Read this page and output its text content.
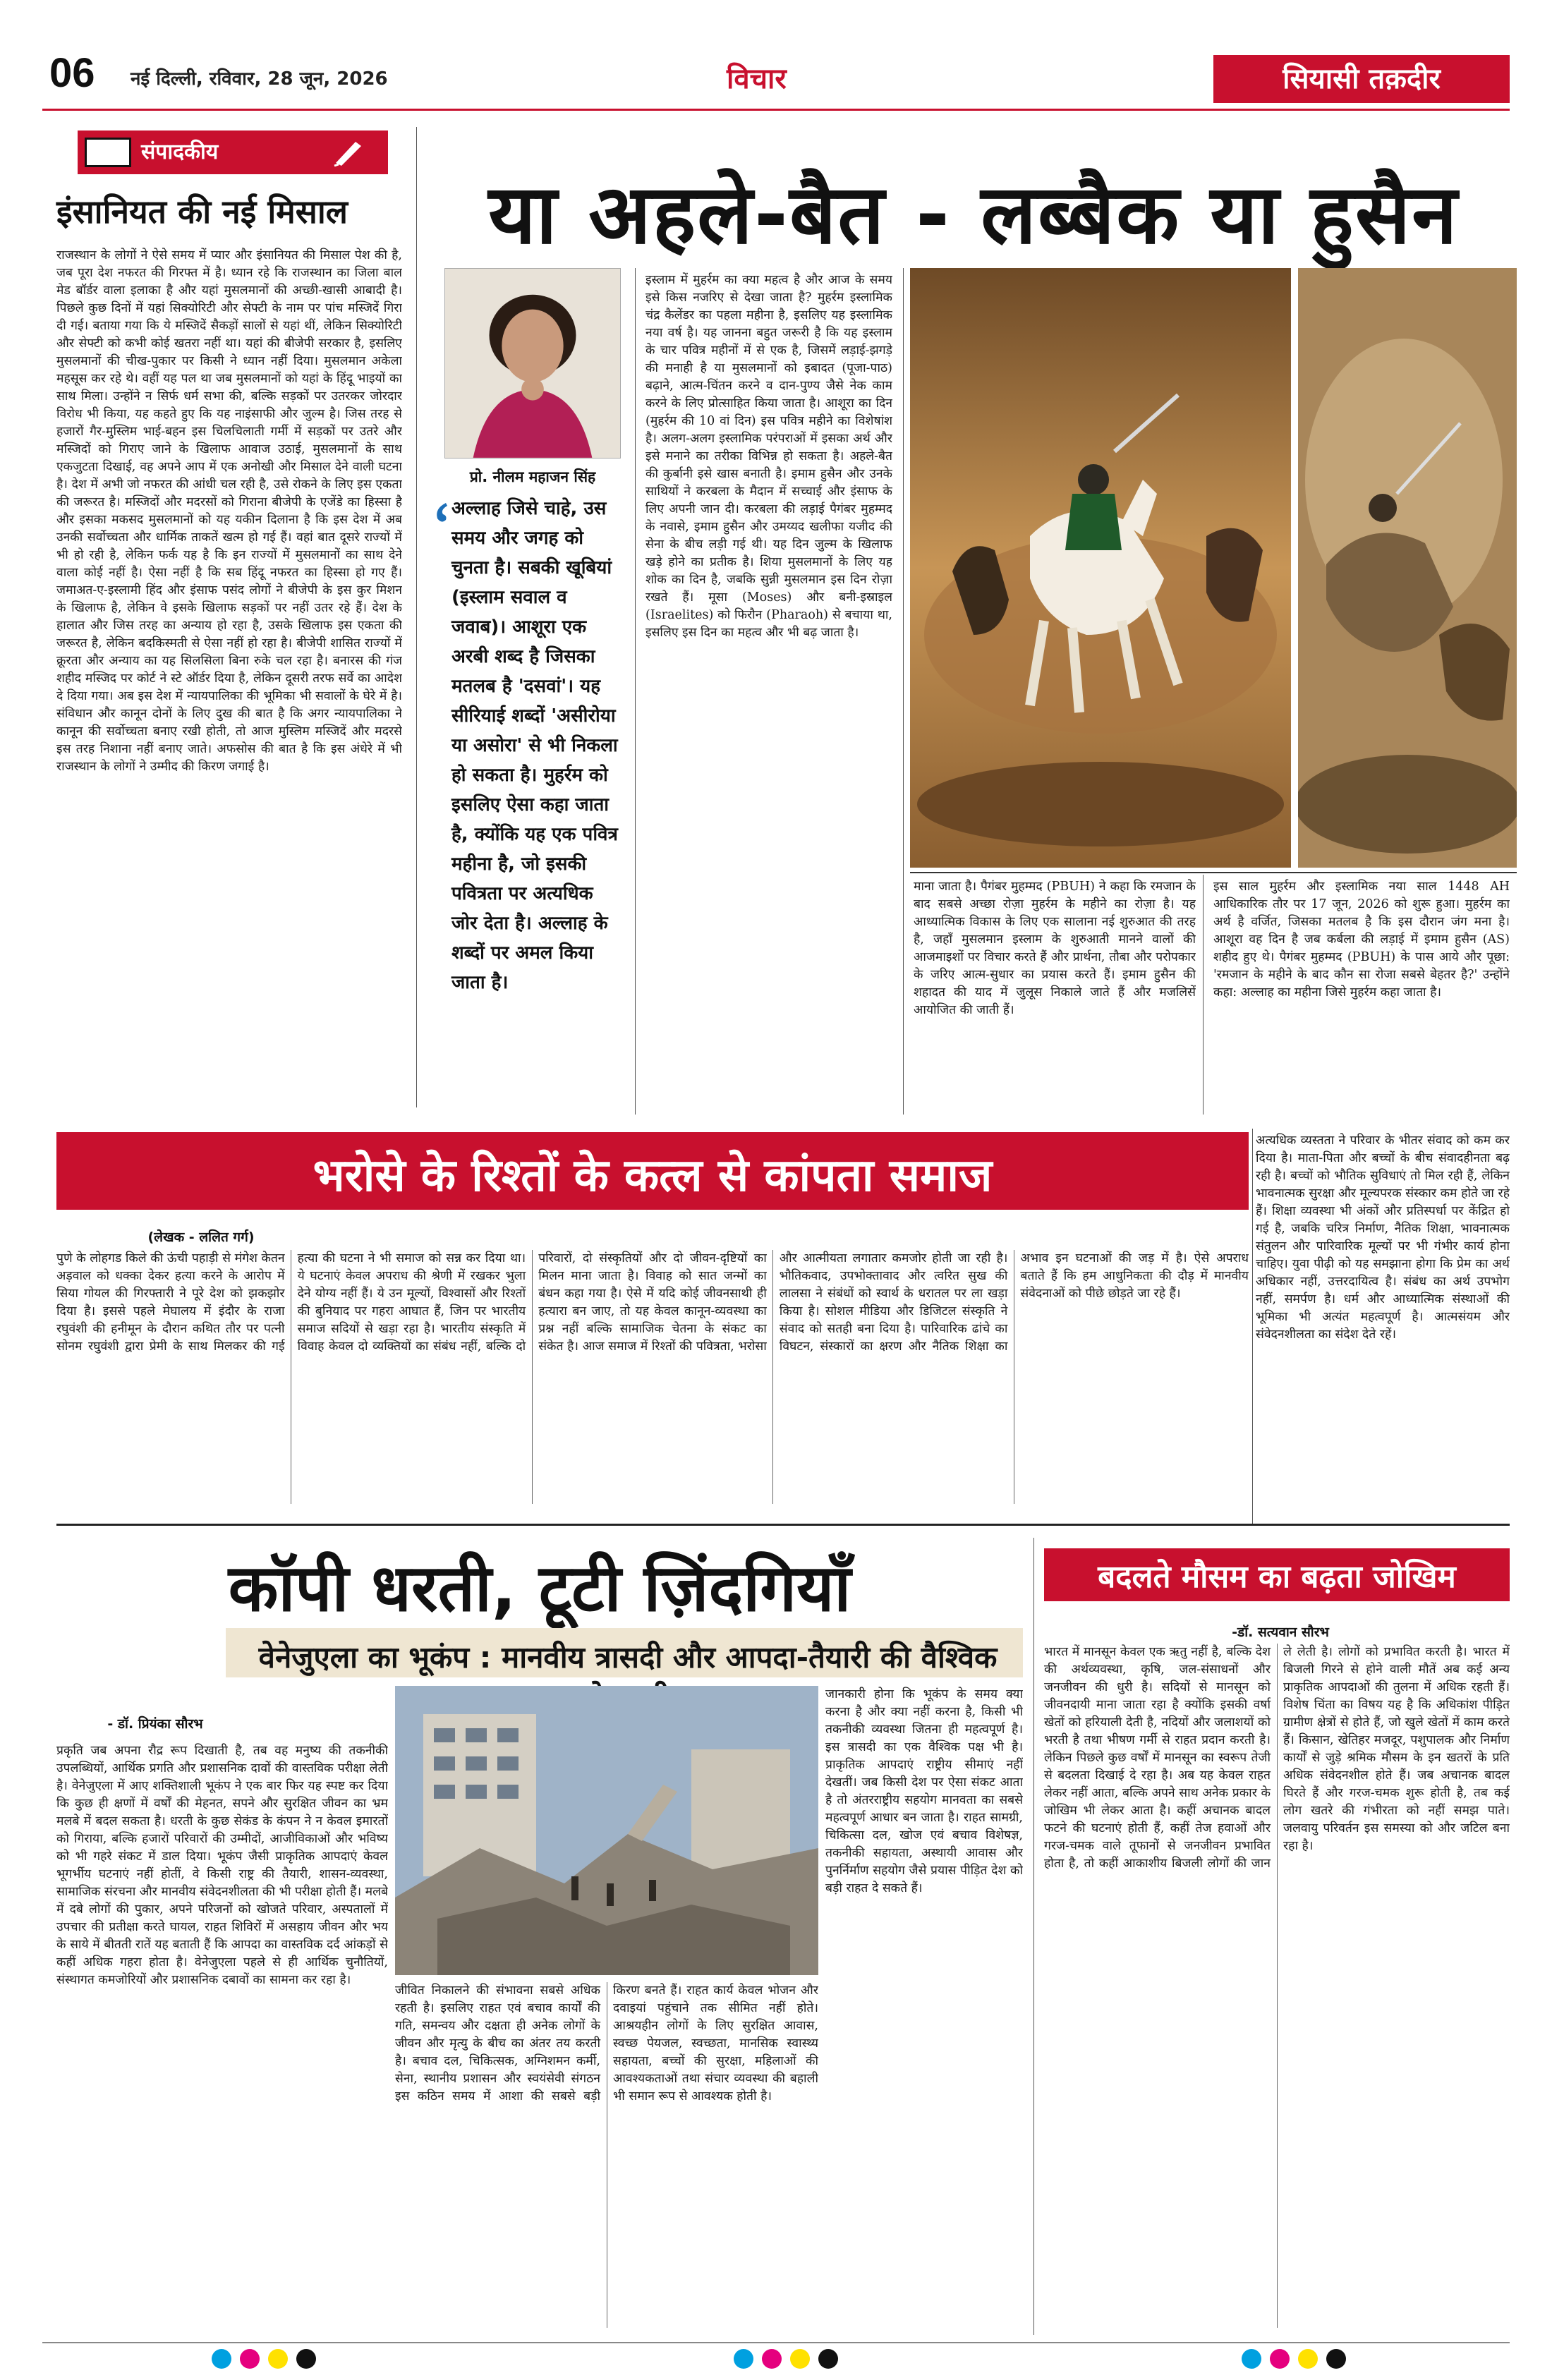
06 नई दिल्ली, रविवार, 28 जून, 2026	विचार	सियासी तक़दीर
संपादकीय
इंसानियत की नई मिसाल
राजस्थान के लोगों ने ऐसे समय में प्यार और इंसानियत की मिसाल पेश की है, जब पूरा देश नफरत की गिरफ्त में है। ध्यान रहे कि राजस्थान का जिला बाल मेड बॉर्डर वाला इलाका है और यहां मुसलमानों की अच्छी-खासी आबादी है। पिछले कुछ दिनों में यहां सिक्योरिटी और सेफ्टी के नाम पर पांच मस्जिदें गिरा दी गई। बताया गया कि ये मस्जिदें सैकड़ों सालों से यहां थीं, लेकिन सिक्योरिटी और सेफ्टी को कभी कोई खतरा नहीं था। यहां की बीजेपी सरकार है, इसलिए मुसलमानों की चीख-पुकार पर किसी ने ध्यान नहीं दिया। मुसलमान अकेला महसूस कर रहे थे। वहीं यह पल था जब मुसलमानों को यहां के हिंदू भाइयों का साथ मिला। उन्होंने न सिर्फ धर्म सभा की, बल्कि सड़कों पर उतरकर जोरदार विरोध भी किया, यह कहते हुए कि यह नाइंसाफी और जुल्म है। जिस तरह से हजारों गैर-मुस्लिम भाई-बहन इस चिलचिलाती गर्मी में सड़कों पर उतरे और मस्जिदों को गिराए जाने के खिलाफ आवाज उठाई, मुसलमानों के साथ एकजुटता दिखाई, वह अपने आप में एक अनोखी और मिसाल देने वाली घटना है। देश में अभी जो नफरत की आंधी चल रही है, उसे रोकने के लिए इस एकता की जरूरत है। मस्जिदों और मदरसों को गिराना बीजेपी के एजेंडे का हिस्सा है और इसका मकसद मुसलमानों को यह यकीन दिलाना है कि इस देश में अब उनकी सर्वोच्चता और धार्मिक ताकतें खत्म हो गई हैं। वहां बात दूसरे राज्यों में भी हो रही है, लेकिन फर्क यह है कि इन राज्यों में मुसलमानों का साथ देने वाला कोई नहीं है। ऐसा नहीं है कि सब हिंदू नफरत का हिस्सा हो गए हैं। जमाअत-ए-इस्लामी हिंद और इंसाफ पसंद लोगों ने बीजेपी के इस कुर मिशन के खिलाफ है, लेकिन वे इसके खिलाफ सड़कों पर नहीं उतर रहे हैं। देश के हालात और जिस तरह का अन्याय हो रहा है, उसके खिलाफ इस एकता की जरूरत है, लेकिन बदकिस्मती से ऐसा नहीं हो रहा है। बीजेपी शासित राज्यों में क्रूरता और अन्याय का यह सिलसिला बिना रुके चल रहा है। बनारस की गंज शहीद मस्जिद पर कोर्ट ने स्टे ऑर्डर दिया है, लेकिन दूसरी तरफ सर्वे का आदेश दे दिया गया। अब इस देश में न्यायपालिका की भूमिका भी सवालों के घेरे में है। संविधान और कानून दोनों के लिए दुख की बात है कि अगर न्यायपालिका ने कानून की सर्वोच्चता बनाए रखी होती, तो आज मुस्लिम मस्जिदें और मदरसे इस तरह निशाना नहीं बनाए जाते। अफसोस की बात है कि इस अंधेरे में भी राजस्थान के लोगों ने उम्मीद की किरण जगाई है।
या अहले-बैत - लब्बैक या हुसैन
प्रो. नीलम महाजन सिंह
अल्लाह जिसे चाहे, उस समय और जगह को चुनता है। सबकी खूबियां (इस्लाम सवाल व जवाब)। आशूरा एक अरबी शब्द है जिसका मतलब है 'दसवां'। यह सीरियाई शब्दों 'असीरोया या असोरा' से भी निकला हो सकता है। मुहर्रम को इसलिए ऐसा कहा जाता है, क्योंकि यह एक पवित्र महीना है, जो इसकी पवित्रता पर अत्यधिक जोर देता है। अल्लाह के शब्दों पर अमल किया जाता है।
इस्लाम में मुहर्रम का क्या महत्व है और आज के समय इसे किस नजरिए से देखा जाता है? मुहर्रम इस्लामिक चंद्र कैलेंडर का पहला महीना है, इसलिए यह इस्लामिक नया वर्ष है। यह जानना बहुत जरूरी है कि यह इस्लाम के चार पवित्र महीनों में से एक है, जिसमें लड़ाई-झगड़े की मनाही है या मुसलमानों को इबादत (पूजा-पाठ) बढ़ाने, आत्म-चिंतन करने व दान-पुण्य जैसे नेक काम करने के लिए प्रोत्साहित किया जाता है। आशूरा का दिन (मुहर्रम की 10 वां दिन) इस पवित्र महीने का विशेषांश है। अलग-अलग इस्लामिक परंपराओं में इसका अर्थ और इसे मनाने का तरीका विभिन्न हो सकता है। अहले-बैत की कुर्बानी इसे खास बनाती है। इमाम हुसैन और उनके साथियों ने करबला के मैदान में सच्चाई और इंसाफ के लिए अपनी जान दी। करबला की लड़ाई पैगंबर मुहम्मद के नवासे, इमाम हुसैन और उमय्यद खलीफा यजीद की सेना के बीच लड़ी गई थी। यह दिन जुल्म के खिलाफ खड़े होने का प्रतीक है। शिया मुसलमानों के लिए यह शोक का दिन है, जबकि सुन्नी मुसलमान इस दिन रोज़ा रखते हैं। मूसा (Moses) और बनी-इस्राइल (Israelites) को फिरौन (Pharaoh) से बचाया था, इसलिए इस दिन का महत्व और भी बढ़ जाता है।
माना जाता है। पैगंबर मुहम्मद (PBUH) ने कहा कि रमजान के बाद सबसे अच्छा रोज़ा मुहर्रम के महीने का रोज़ा है। यह आध्यात्मिक विकास के लिए एक सालाना नई शुरुआत की तरह है, जहाँ मुसलमान इस्लाम के शुरुआती मानने वालों की आजमाइशों पर विचार करते हैं और प्रार्थना, तौबा और परोपकार के जरिए आत्म-सुधार का प्रयास करते हैं। इमाम हुसैन की शहादत की याद में जुलूस निकाले जाते हैं और मजलिसें आयोजित की जाती हैं।
इस साल मुहर्रम और इस्लामिक नया साल 1448 AH आधिकारिक तौर पर 17 जून, 2026 को शुरू हुआ। मुहर्रम का अर्थ है वर्जित, जिसका मतलब है कि इस दौरान जंग मना है। आशूरा वह दिन है जब कर्बला की लड़ाई में इमाम हुसैन (AS) शहीद हुए थे। पैगंबर मुहम्मद (PBUH) के पास आये और पूछा: 'रमजान के महीने के बाद कौन सा रोजा सबसे बेहतर है?' उन्होंने कहा: अल्लाह का महीना जिसे मुहर्रम कहा जाता है।
भरोसे के रिश्तों के कत्ल से कांपता समाज
(लेखक - ललित गर्ग)
पुणे के लोहगड किले की ऊंची पहाड़ी से मंगेश केतन अड़वाल को धक्का देकर हत्या करने के आरोप में सिया गोयल की गिरफ्तारी ने पूरे देश को झकझोर दिया है। इससे पहले मेघालय में इंदौर के राजा रघुवंशी की हनीमून के दौरान कथित तौर पर पत्नी सोनम रघुवंशी द्वारा प्रेमी के साथ मिलकर की गई हत्या की घटना ने भी समाज को सन्न कर दिया था। ये घटनाएं केवल अपराध की श्रेणी में रखकर भुला देने योग्य नहीं हैं। ये उन मूल्यों, विश्वासों और रिश्तों की बुनियाद पर गहरा आघात हैं, जिन पर भारतीय समाज सदियों से खड़ा रहा है। भारतीय संस्कृति में विवाह केवल दो व्यक्तियों का संबंध नहीं, बल्कि दो परिवारों, दो संस्कृतियों और दो जीवन-दृष्टियों का मिलन माना जाता है। विवाह को सात जन्मों का बंधन कहा गया है। ऐसे में यदि कोई जीवनसाथी ही हत्यारा बन जाए, तो यह केवल कानून-व्यवस्था का प्रश्न नहीं बल्कि सामाजिक चेतना के संकट का संकेत है। आज समाज में रिश्तों की पवित्रता, भरोसा और आत्मीयता लगातार कमजोर होती जा रही है। भौतिकवाद, उपभोक्तावाद और त्वरित सुख की लालसा ने संबंधों को स्वार्थ के धरातल पर ला खड़ा किया है। सोशल मीडिया और डिजिटल संस्कृति ने संवाद को सतही बना दिया है। पारिवारिक ढांचे का विघटन, संस्कारों का क्षरण और नैतिक शिक्षा का अभाव इन घटनाओं की जड़ में है। ऐसे अपराध बताते हैं कि हम आधुनिकता की दौड़ में मानवीय संवेदनाओं को पीछे छोड़ते जा रहे हैं।
अत्यधिक व्यस्तता ने परिवार के भीतर संवाद को कम कर दिया है। माता-पिता और बच्चों के बीच संवादहीनता बढ़ रही है। बच्चों को भौतिक सुविधाएं तो मिल रही हैं, लेकिन भावनात्मक सुरक्षा और मूल्यपरक संस्कार कम होते जा रहे हैं। शिक्षा व्यवस्था भी अंकों और प्रतिस्पर्धा पर केंद्रित हो गई है, जबकि चरित्र निर्माण, नैतिक शिक्षा, भावनात्मक संतुलन और पारिवारिक मूल्यों पर भी गंभीर कार्य होना चाहिए। युवा पीढ़ी को यह समझाना होगा कि प्रेम का अर्थ अधिकार नहीं, उत्तरदायित्व है। संबंध का अर्थ उपभोग नहीं, समर्पण है। धर्म और आध्यात्मिक संस्थाओं की भूमिका भी अत्यंत महत्वपूर्ण है। आत्मसंयम और संवेदनशीलता का संदेश देते रहें।
कॉपी धरती, टूटी ज़िंदगियाँ
वेनेजुएला का भूकंप : मानवीय त्रासदी और आपदा-तैयारी की वैश्विक
- डॉ. प्रियंका सौरभ
प्रकृति जब अपना रौद्र रूप दिखाती है, तब वह मनुष्य की तकनीकी उपलब्धियों, आर्थिक प्रगति और प्रशासनिक दावों की वास्तविक परीक्षा लेती है। वेनेजुएला में आए शक्तिशाली भूकंप ने एक बार फिर यह स्पष्ट कर दिया कि कुछ ही क्षणों में वर्षों की मेहनत, सपने और सुरक्षित जीवन का भ्रम मलबे में बदल सकता है। धरती के कुछ सेकंड के कंपन ने न केवल इमारतों को गिराया, बल्कि हजारों परिवारों की उम्मीदों, आजीविकाओं और भविष्य को भी गहरे संकट में डाल दिया। भूकंप जैसी प्राकृतिक आपदाएं केवल भूगर्भीय घटनाएं नहीं होतीं, वे किसी राष्ट्र की तैयारी, शासन-व्यवस्था, सामाजिक संरचना और मानवीय संवेदनशीलता की भी परीक्षा होती हैं। मलबे में दबे लोगों की पुकार, अपने परिजनों को खोजते परिवार, अस्पतालों में उपचार की प्रतीक्षा करते घायल, राहत शिविरों में असहाय जीवन और भय के साये में बीतती रातें यह बताती हैं कि आपदा का वास्तविक दर्द आंकड़ों से कहीं अधिक गहरा होता है। वेनेजुएला पहले से ही आर्थिक चुनौतियों, संस्थागत कमजोरियों और प्रशासनिक दबावों का सामना कर रहा है।
जीवित निकालने की संभावना सबसे अधिक रहती है। इसलिए राहत एवं बचाव कार्यों की गति, समन्वय और दक्षता ही अनेक लोगों के जीवन और मृत्यु के बीच का अंतर तय करती है। बचाव दल, चिकित्सक, अग्निशमन कर्मी, सेना, स्थानीय प्रशासन और स्वयंसेवी संगठन इस कठिन समय में आशा की सबसे बड़ी किरण बनते हैं। राहत कार्य केवल भोजन और दवाइयां पहुंचाने तक सीमित नहीं होते। आश्रयहीन लोगों के लिए सुरक्षित आवास, स्वच्छ पेयजल, स्वच्छता, मानसिक स्वास्थ्य सहायता, बच्चों की सुरक्षा, महिलाओं की आवश्यकताओं तथा संचार व्यवस्था की बहाली भी समान रूप से आवश्यक होती है।
जानकारी होना कि भूकंप के समय क्या करना है और क्या नहीं करना है, किसी भी तकनीकी व्यवस्था जितना ही महत्वपूर्ण है। इस त्रासदी का एक वैश्विक पक्ष भी है। प्राकृतिक आपदाएं राष्ट्रीय सीमाएं नहीं देखतीं। जब किसी देश पर ऐसा संकट आता है तो अंतरराष्ट्रीय सहयोग मानवता का सबसे महत्वपूर्ण आधार बन जाता है। राहत सामग्री, चिकित्सा दल, खोज एवं बचाव विशेषज्ञ, तकनीकी सहायता, अस्थायी आवास और पुनर्निर्माण सहयोग जैसे प्रयास पीड़ित देश को बड़ी राहत दे सकते हैं।
बदलते मौसम का बढ़ता जोखिम
-डॉ. सत्यवान सौरभ
भारत में मानसून केवल एक ऋतु नहीं है, बल्कि देश की अर्थव्यवस्था, कृषि, जल-संसाधनों और जनजीवन की धुरी है। सदियों से मानसून को जीवनदायी माना जाता रहा है क्योंकि इसकी वर्षा खेतों को हरियाली देती है, नदियों और जलाशयों को भरती है तथा भीषण गर्मी से राहत प्रदान करती है। लेकिन पिछले कुछ वर्षों में मानसून का स्वरूप तेजी से बदलता दिखाई दे रहा है। अब यह केवल राहत लेकर नहीं आता, बल्कि अपने साथ अनेक प्रकार के जोखिम भी लेकर आता है। कहीं अचानक बादल फटने की घटनाएं होती हैं, कहीं तेज हवाओं और गरज-चमक वाले तूफानों से जनजीवन प्रभावित होता है, तो कहीं आकाशीय बिजली लोगों की जान ले लेती है। लोगों को प्रभावित करती है। भारत में बिजली गिरने से होने वाली मौतें अब कई अन्य प्राकृतिक आपदाओं की तुलना में अधिक रहती हैं। विशेष चिंता का विषय यह है कि अधिकांश पीड़ित ग्रामीण क्षेत्रों से होते हैं, जो खुले खेतों में काम करते हैं। किसान, खेतिहर मजदूर, पशुपालक और निर्माण कार्यों से जुड़े श्रमिक मौसम के इन खतरों के प्रति अधिक संवेदनशील होते हैं। जब अचानक बादल घिरते हैं और गरज-चमक शुरू होती है, तब कई लोग खतरे की गंभीरता को नहीं समझ पाते। जलवायु परिवर्तन इस समस्या को और जटिल बना रहा है।
